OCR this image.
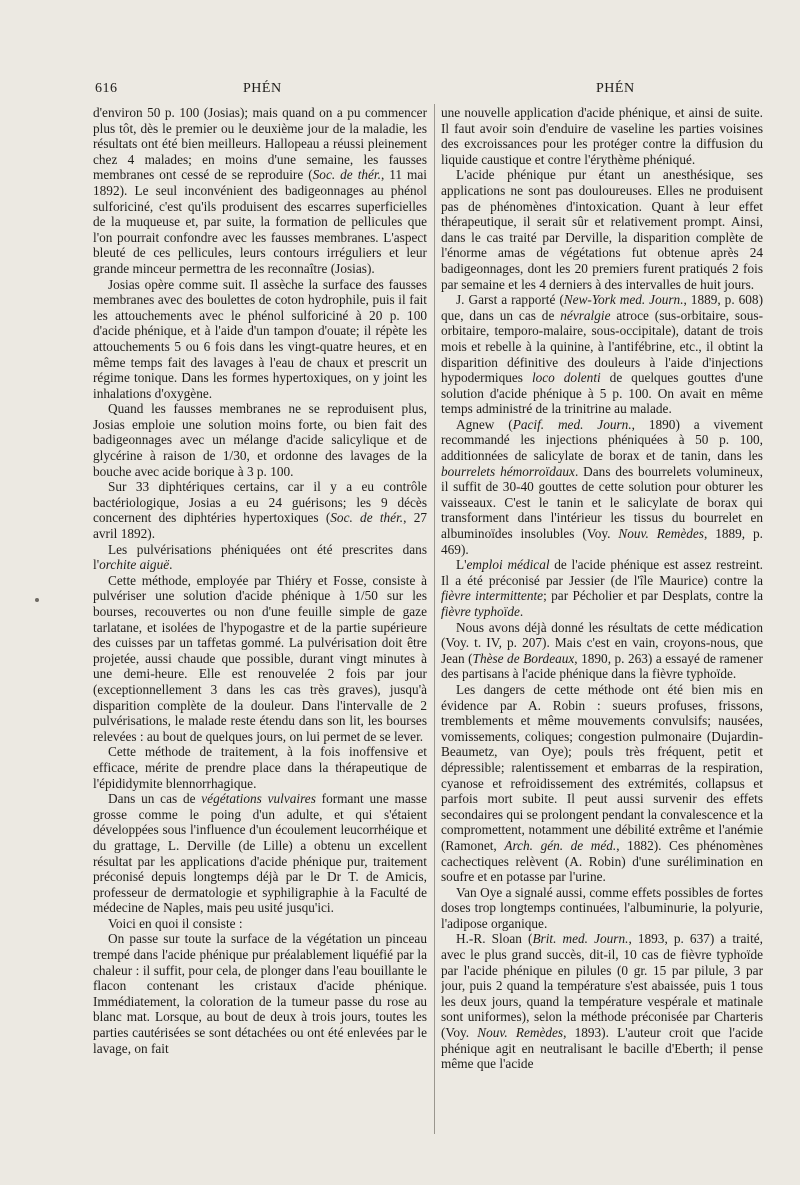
616	PHÉN	PHÉN

d'environ 50 p. 100 (Josias); mais quand on a pu commencer plus tôt, dès le premier ou le deuxième jour de la maladie, les résultats ont été bien meilleurs. Hallopeau a réussi pleinement chez 4 malades; en moins d'une semaine, les fausses membranes ont cessé de se reproduire (Soc. de thér., 11 mai 1892). Le seul inconvénient des badigeonnages au phénol sulforiciné, c'est qu'ils produisent des escarres superficielles de la muqueuse et, par suite, la formation de pellicules que l'on pourrait confondre avec les fausses membranes. L'aspect bleuté de ces pellicules, leurs contours irréguliers et leur grande minceur permettra de les reconnaître (Josias).

Josias opère comme suit. Il assèche la surface des fausses membranes avec des boulettes de coton hydrophile, puis il fait les attouchements avec le phénol sulforiciné à 20 p. 100 d'acide phénique, et à l'aide d'un tampon d'ouate; il répète les attouchements 5 ou 6 fois dans les vingt-quatre heures, et en même temps fait des lavages à l'eau de chaux et prescrit un régime tonique. Dans les formes hypertoxiques, on y joint les inhalations d'oxygène.

Quand les fausses membranes ne se reproduisent plus, Josias emploie une solution moins forte, ou bien fait des badigeonnages avec un mélange d'acide salicylique et de glycérine à raison de 1/30, et ordonne des lavages de la bouche avec acide borique à 3 p. 100.

Sur 33 diphtériques certains, car il y a eu contrôle bactériologique, Josias a eu 24 guérisons; les 9 décès concernent des diphtéries hypertoxiques (Soc. de thér., 27 avril 1892).

Les pulvérisations phéniquées ont été prescrites dans l'orchite aiguë.

Cette méthode, employée par Thiéry et Fosse, consiste à pulvériser une solution d'acide phénique à 1/50 sur les bourses, recouvertes ou non d'une feuille simple de gaze tarlatane, et isolées de l'hypogastre et de la partie supérieure des cuisses par un taffetas gommé. La pulvérisation doit être projetée, aussi chaude que possible, durant vingt minutes à une demi-heure. Elle est renouvelée 2 fois par jour (exceptionnellement 3 dans les cas très graves), jusqu'à disparition complète de la douleur. Dans l'intervalle de 2 pulvérisations, le malade reste étendu dans son lit, les bourses relevées : au bout de quelques jours, on lui permet de se lever.

Cette méthode de traitement, à la fois inoffensive et efficace, mérite de prendre place dans la thérapeutique de l'épididymite blennorrhagique.

Dans un cas de végétations vulvaires formant une masse grosse comme le poing d'un adulte, et qui s'étaient développées sous l'influence d'un écoulement leucorrhéique et du grattage, L. Derville (de Lille) a obtenu un excellent résultat par les applications d'acide phénique pur, traitement préconisé depuis longtemps déjà par le Dr T. de Amicis, professeur de dermatologie et syphiligraphie à la Faculté de médecine de Naples, mais peu usité jusqu'ici.

Voici en quoi il consiste :

On passe sur toute la surface de la végétation un pinceau trempé dans l'acide phénique pur préalablement liquéfié par la chaleur : il suffit, pour cela, de plonger dans l'eau bouillante le flacon contenant les cristaux d'acide phénique. Immédiatement, la coloration de la tumeur passe du rose au blanc mat. Lorsque, au bout de deux à trois jours, toutes les parties cautérisées se sont détachées ou ont été enlevées par le lavage, on fait

une nouvelle application d'acide phénique, et ainsi de suite. Il faut avoir soin d'enduire de vaseline les parties voisines des excroissances pour les protéger contre la diffusion du liquide caustique et contre l'érythème phéniqué.

L'acide phénique pur étant un anesthésique, ses applications ne sont pas douloureuses. Elles ne produisent pas de phénomènes d'intoxication. Quant à leur effet thérapeutique, il serait sûr et relativement prompt. Ainsi, dans le cas traité par Derville, la disparition complète de l'énorme amas de végétations fut obtenue après 24 badigeonnages, dont les 20 premiers furent pratiqués 2 fois par semaine et les 4 derniers à des intervalles de huit jours.

J. Garst a rapporté (New-York med. Journ., 1889, p. 608) que, dans un cas de névralgie atroce (sus-orbitaire, sous-orbitaire, temporo-malaire, sous-occipitale), datant de trois mois et rebelle à la quinine, à l'antifébrine, etc., il obtint la disparition définitive des douleurs à l'aide d'injections hypodermiques loco dolenti de quelques gouttes d'une solution d'acide phénique à 5 p. 100. On avait en même temps administré de la trinitrine au malade.

Agnew (Pacif. med. Journ., 1890) a vivement recommandé les injections phéniquées à 50 p. 100, additionnées de salicylate de borax et de tanin, dans les bourrelets hémorroïdaux. Dans des bourrelets volumineux, il suffit de 30-40 gouttes de cette solution pour obturer les vaisseaux. C'est le tanin et le salicylate de borax qui transforment dans l'intérieur les tissus du bourrelet en albuminoïdes insolubles (Voy. Nouv. Remèdes, 1889, p. 469).

L'emploi médical de l'acide phénique est assez restreint. Il a été préconisé par Jessier (de l'île Maurice) contre la fièvre intermittente; par Pécholier et par Desplats, contre la fièvre typhoïde.

Nous avons déjà donné les résultats de cette médication (Voy. t. IV, p. 207). Mais c'est en vain, croyons-nous, que Jean (Thèse de Bordeaux, 1890, p. 263) a essayé de ramener des partisans à l'acide phénique dans la fièvre typhoïde.

Les dangers de cette méthode ont été bien mis en évidence par A. Robin : sueurs profuses, frissons, tremblements et même mouvements convulsifs; nausées, vomissements, coliques; congestion pulmonaire (Dujardin-Beaumetz, van Oye); pouls très fréquent, petit et dépressible; ralentissement et embarras de la respiration, cyanose et refroidissement des extrémités, collapsus et parfois mort subite. Il peut aussi survenir des effets secondaires qui se prolongent pendant la convalescence et la compromettent, notamment une débilité extrême et l'anémie (Ramonet, Arch. gén. de méd., 1882). Ces phénomènes cachectiques relèvent (A. Robin) d'une surélimination en soufre et en potasse par l'urine.

Van Oye a signalé aussi, comme effets possibles de fortes doses trop longtemps continuées, l'albuminurie, la polyurie, l'adipose organique.

H.-R. Sloan (Brit. med. Journ., 1893, p. 637) a traité, avec le plus grand succès, dit-il, 10 cas de fièvre typhoïde par l'acide phénique en pilules (0 gr. 15 par pilule, 3 par jour, puis 2 quand la température s'est abaissée, puis 1 tous les deux jours, quand la température vespérale et matinale sont uniformes), selon la méthode préconisée par Charteris (Voy. Nouv. Remèdes, 1893). L'auteur croit que l'acide phénique agit en neutralisant le bacille d'Eberth; il pense même que l'acide
